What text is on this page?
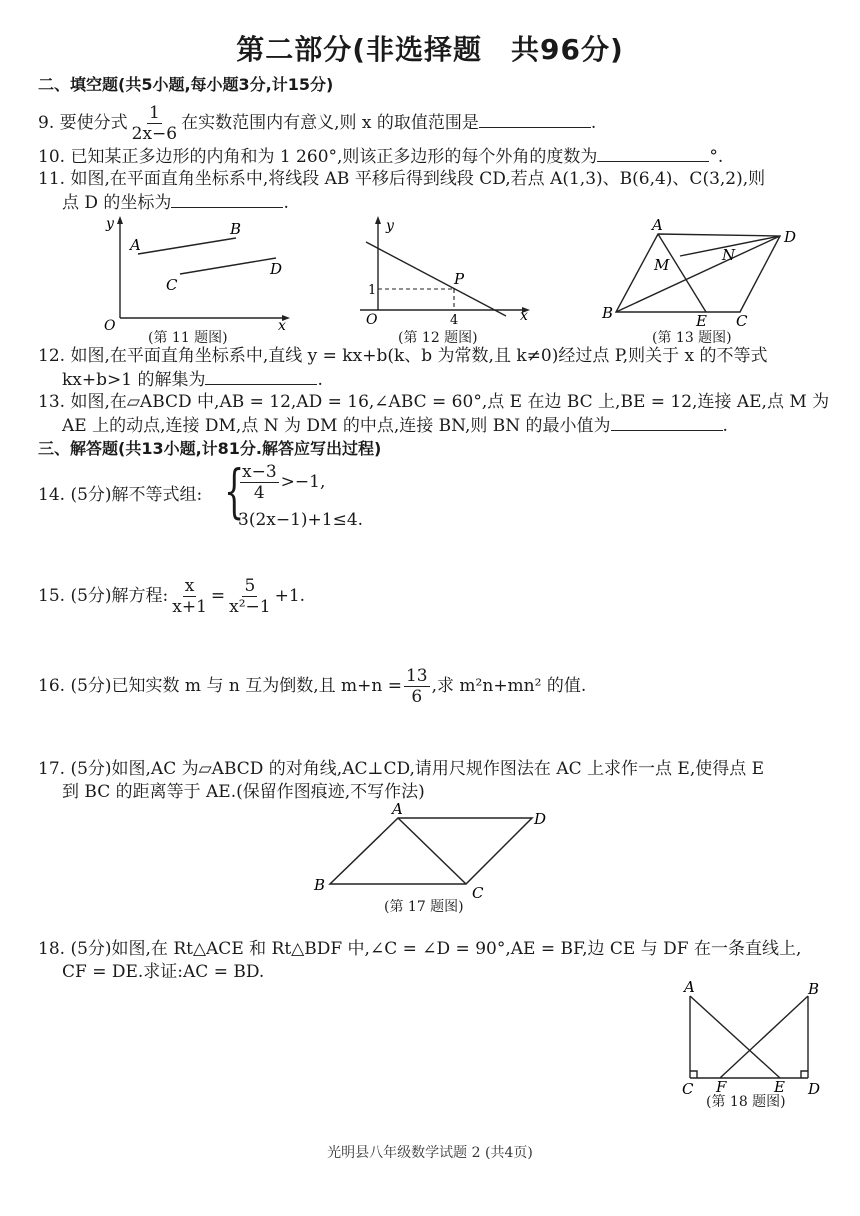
第二部分(非选择题　共96分)
二、填空题(共5小题,每小题3分,计15分)
9. 要使分式 $\frac{1}{2x-6}$ 在实数范围内有意义,则 x 的取值范围是	.
10. 已知某正多边形的内角和为 1 260°,则该正多边形的每个外角的度数为	°.
11. 如图,在平面直角坐标系中,将线段 AB 平移后得到线段 CD,若点 A(1,3)、B(6,4)、C(3,2),则
点 D 的坐标为	.
y
x
O
A
B
C
D
(第 11 题图)
y
x
O
P
1
4
(第 12 题图)
A
D
B	C
E
M
N
(第 13 题图)
12. 如图,在平面直角坐标系中,直线 y = kx+b(k、b 为常数,且 k≠0)经过点 P,则关于 x 的不等式
kx+b>1 的解集为	.
13. 如图,在▱ABCD 中,AB = 12,AD = 16,∠ABC = 60°,点 E 在边 BC 上,BE = 12,连接 AE,点 M 为
AE 上的动点,连接 DM,点 N 为 DM 的中点,连接 BN,则 BN 的最小值为	.
三、解答题(共13小题,计81分.解答应写出过程)
14. (5分)解不等式组: {
$\frac{x-3}{4} >-1$,
3(2x−1)+1≤4.
15. (5分)解方程: $\frac{x}{x+1} = \frac{5}{\text{x²−1}} +1$.
16. (5分)已知实数 m 与 n 互为倒数,且 $m+n = \frac{13}{6}$ ,求 m²n+mn² 的值.
17. (5分)如图,AC 为▱ABCD 的对角线,AC⊥CD,请用尺规作图法在 AC 上求作一点 E,使得点 E
到 BC 的距离等于 AE.(保留作图痕迹,不写作法)
A
D
B	C
(第 17 题图)
18. (5分)如图,在 Rt△ACE 和 Rt△BDF 中,∠C = ∠D = 90°,AE = BF,边 CE 与 DF 在一条直线上,
CF = DE.求证:AC = BD.
A	B
C	D
E
F
(第 18 题图)
光明县八年级数学试题 2 (共4页)
